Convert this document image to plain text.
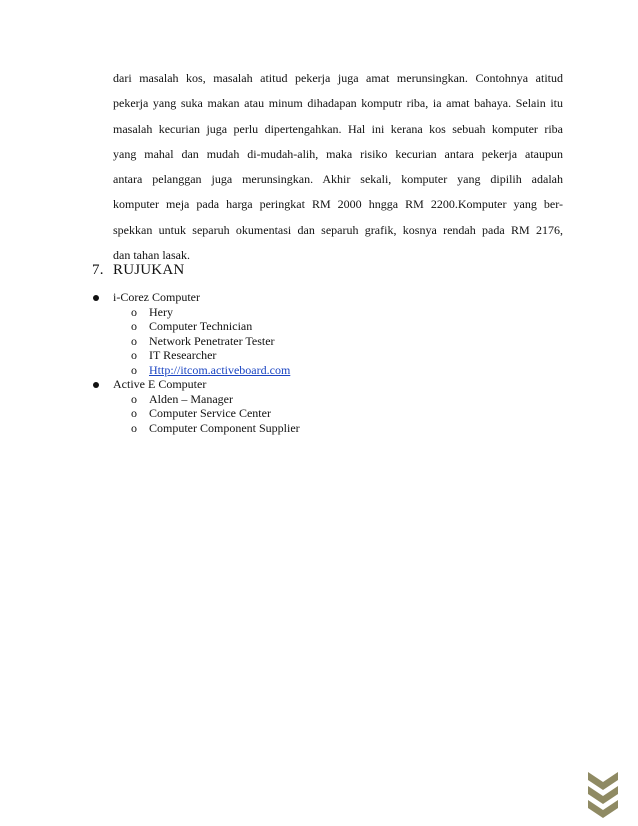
dari masalah kos, masalah atitud pekerja juga amat merunsingkan. Contohnya atitud
pekerja yang suka makan atau minum dihadapan komputr riba, ia amat bahaya. Selain itu
masalah kecurian juga perlu dipertengahkan. Hal ini kerana kos sebuah komputer riba
yang mahal dan mudah di-mudah-alih, maka risiko kecurian antara pekerja ataupun
antara pelanggan juga merunsingkan. Akhir sekali, komputer yang dipilih adalah
komputer meja pada harga peringkat RM 2000 hngga RM 2200.Komputer yang ber-
spekkan untuk separuh okumentasi dan separuh grafik, kosnya rendah pada RM 2176,
dan tahan lasak.
7. RUJUKAN
i-Corez Computer
o Hery
o Computer Technician
o Network Penetrater Tester
o IT Researcher
o Http://itcom.activeboard.com
Active E Computer
o Alden – Manager
o Computer Service Center
o Computer Component Supplier
